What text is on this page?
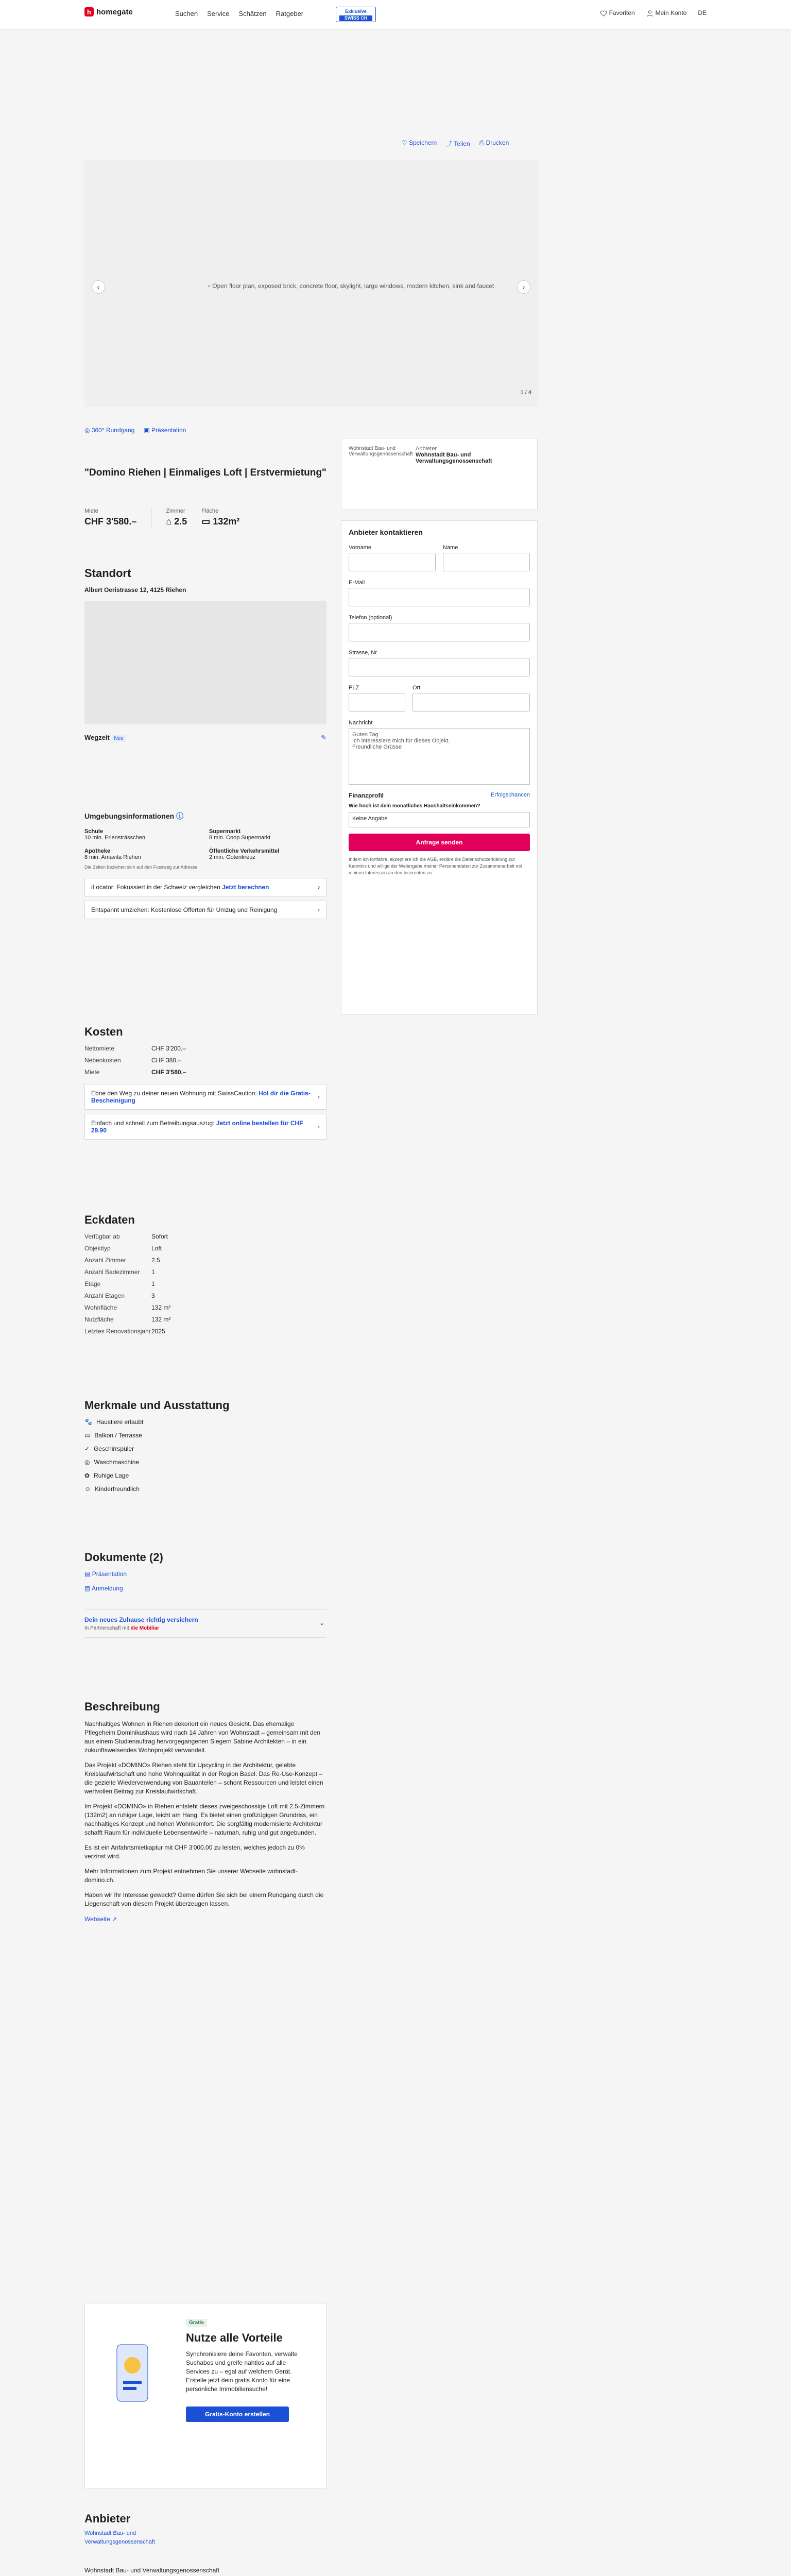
h homegate	Suchen Service Schätzen Ratgeber	Exklusive
SWISS CH
Favoriten	Mein Konto DE
♡ Speichern ⤴ Teilen ⎙ Drucken
▫ Open floor plan, exposed brick, concrete floor, skylight, large windows, modern kitchen, sink and faucet
‹	›
1 / 4
◎ 360° Rundgang ▣ Präsentation
"Domino Riehen | Einmaliges Loft | Erstvermietung"
Miete
CHF 3'580.–
Zimmer
⌂ 2.5
Fläche
▭ 132m²
Standort
Albert Oeristrasse 12, 4125 Riehen
Wegzeit Neu	✎
Umgebungsinformationen ⓘ
Schule
10 min. Erlensträsschen
Supermarkt
8 min. Coop Supermarkt
Apotheke
8 min. Amavita Riehen
Öffentliche Verkehrsmittel
2 min. Gotenkreuz
Die Zeiten beziehen sich auf den Fussweg zur Adresse
iLocator: Fokussiert in der Schweiz vergleichen Jetzt berechnen	›
Entspannt umziehen: Kostenlose Offerten für Umzug und Reinigung	›
Kosten
Nettomiete	CHF 3'200.–
Nebenkosten	CHF 380.–
Miete	CHF 3'580.–
Ebne den Weg zu deiner neuen Wohnung mit SwissCaution: Hol dir die Gratis-Bescheinigung	›
Einfach und schnell zum Betreibungsauszug: Jetzt online bestellen für CHF 29.90	›
Eckdaten
Verfügbar ab	Sofort
Objekttyp	Loft
Anzahl Zimmer	2.5
Anzahl Badezimmer	1
Etage	1
Anzahl Etagen	3
Wohnfläche	132 m²
Nutzfläche	132 m²
Letztes Renovationsjahr 2025
Merkmale und Ausstattung
🐾 Haustiere erlaubt
▭ Balkon / Terrasse
✓ Geschirrspüler
◎ Waschmaschine
✿ Ruhige Lage
☺ Kinderfreundlich
Dokumente (2)
▤ Präsentation
▤ Anmeldung
Dein neues Zuhause richtig versichern
In Partnerschaft mit die Mobiliar
⌄
Beschreibung

Nachhaltiges Wohnen in Riehen dekoriert ein neues Gesicht. Das ehemalige Pflegeheim Dominikushaus wird nach 14 Jahren von Wohnstadt – gemeinsam mit den aus einem Studienauftrag hervorgegangenen Siegern Sabine Architekten – in ein zukunftsweisendes Wohnprojekt verwandelt.

Das Projekt «DOMINO» Riehen steht für Upcycling in der Architektur, gelebte Kreislaufwirtschaft und hohe Wohnqualität in der Region Basel. Das Re-Use-Konzept – die gezielte Wiederverwendung von Bauanteilen – schont Ressourcen und leistet einen wertvollen Beitrag zur Kreislaufwirtschaft.

Im Projekt «DOMINO» in Riehen entsteht dieses zweigeschossige Loft mit 2.5-Zimmern (132m2) an ruhiger Lage, leicht am Hang. Es bietet einen großzügigen Grundriss, ein nachhaltiges Konzept und hohen Wohnkomfort. Die sorgfältig modernisierte Architektur schafft Raum für individuelle Lebensentwürfe – naturnah, ruhig und gut angebunden.

Es ist ein Anfahrtsmietkaptur mit CHF 3'000.00 zu leisten, welches jedoch zu 0% verzinst wird.

Mehr Informationen zum Projekt entnehmen Sie unserer Webseite wohnstadt-domino.ch.

Haben wir Ihr Interesse geweckt? Gerne dürfen Sie sich bei einem Rundgang durch die Liegenschaft von diesem Projekt überzeugen lassen.

Webseite ↗
Gratis
Nutze alle Vorteile
Synchronisiere deine Favoriten, verwalte Suchabos und greife nahtlos auf alle Services zu – egal auf welchem Gerät. Erstelle jetzt dein gratis Konto für eine persönliche Immobiliensuche!
Gratis-Konto erstellen
Anbieter
Wohnstadt Bau- und Verwaltungsgenossenschaft
Wohnstadt Bau- und Verwaltungsgenossenschaft
Wohnstadt Bau- und Verwaltungsgenossenschaft
Anbieter
Wohnstadt Bau- und Verwaltungsgenossenschaft
Anbieter kontaktieren
Vorname	Name
E-Mail
Telefon (optional)
Strasse, Nr.
PLZ	Ort
Nachricht
Guten Tag
Ich interessiere mich für dieses Objekt.
Freundliche Grüsse
Finanzprofil	Erfolgschancen
Wie hoch ist dein monatliches Haushaltseinkommen?
Keine Angabe
Anfrage senden
Indem ich fortfahre, akzeptiere ich die AGB, erkläre die Datenschutzerklärung zur Kenntnis und willige der Weitergabe meiner Personendaten zur Zusammenarbeit mit meinen Interessen an den Inserenten zu.
